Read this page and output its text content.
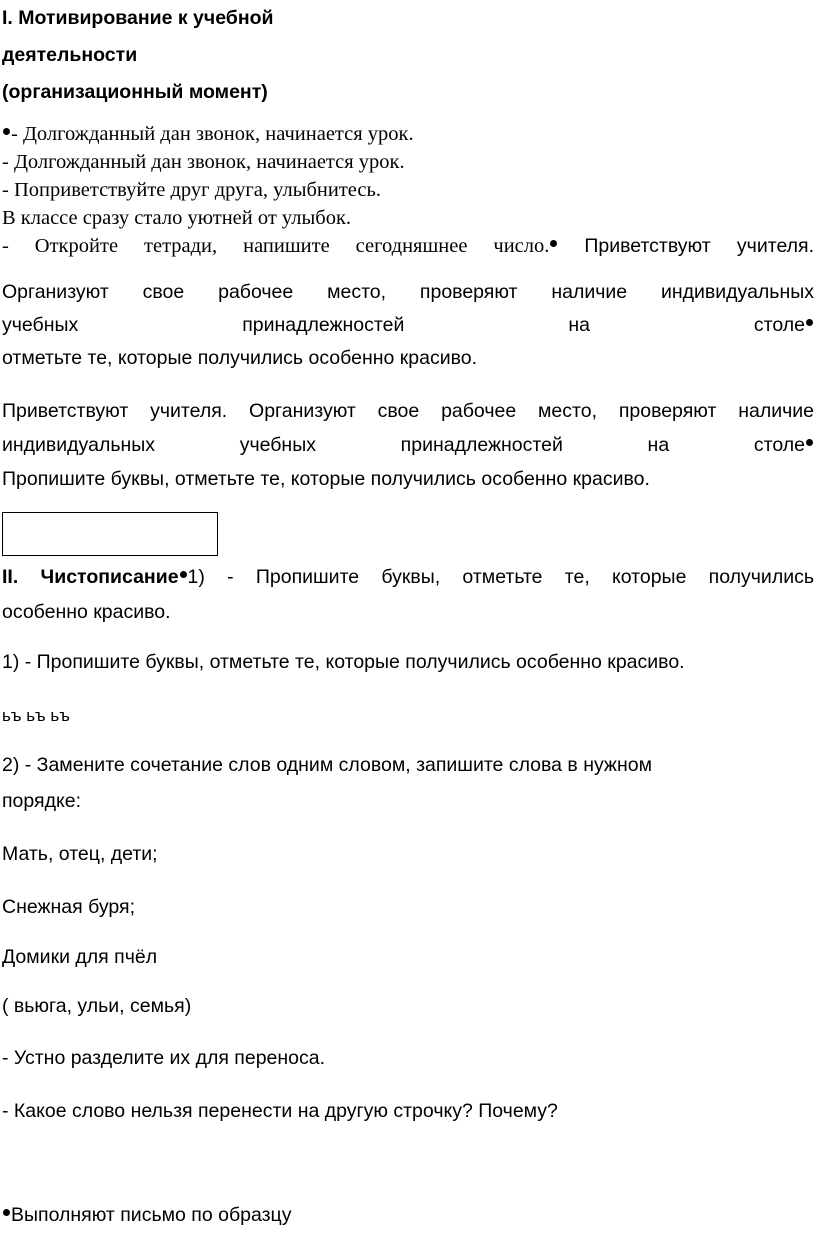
I. Мотивирование к учебной

деятельности

(организационный момент)

- Долгожданный дан звонок, начинается урок.
- Долгожданный дан звонок, начинается урок.
- Поприветствуйте друг друга, улыбнитесь.
В классе сразу стало уютней от улыбок.
- Откройте тетради, напишите сегодняшнее число. Приветствуют учителя.
Организуют свое рабочее место, проверяют наличие индивидуальных
учебных принадлежностей на столе
отметьте те, которые получились особенно красиво.
Приветствуют учителя. Организуют свое рабочее место, проверяют наличие
индивидуальных учебных принадлежностей на столе
Пропишите буквы, отметьте те, которые получились особенно красиво.
II. Чистописание 1) - Пропишите буквы, отметьте те, которые получились
особенно красиво.
1) - Пропишите буквы, отметьте те, которые получились особенно красиво.
ьъ ьъ ьъ
2) - Замените сочетание слов одним словом, запишите слова в нужном
порядке:
Мать, отец, дети;
Снежная буря;
Домики для пчёл
( вьюга, ульи, семья)
- Устно разделите их для переноса.
- Какое слово нельзя перенести на другую строчку? Почему?
Выполняют письмо по образцу
